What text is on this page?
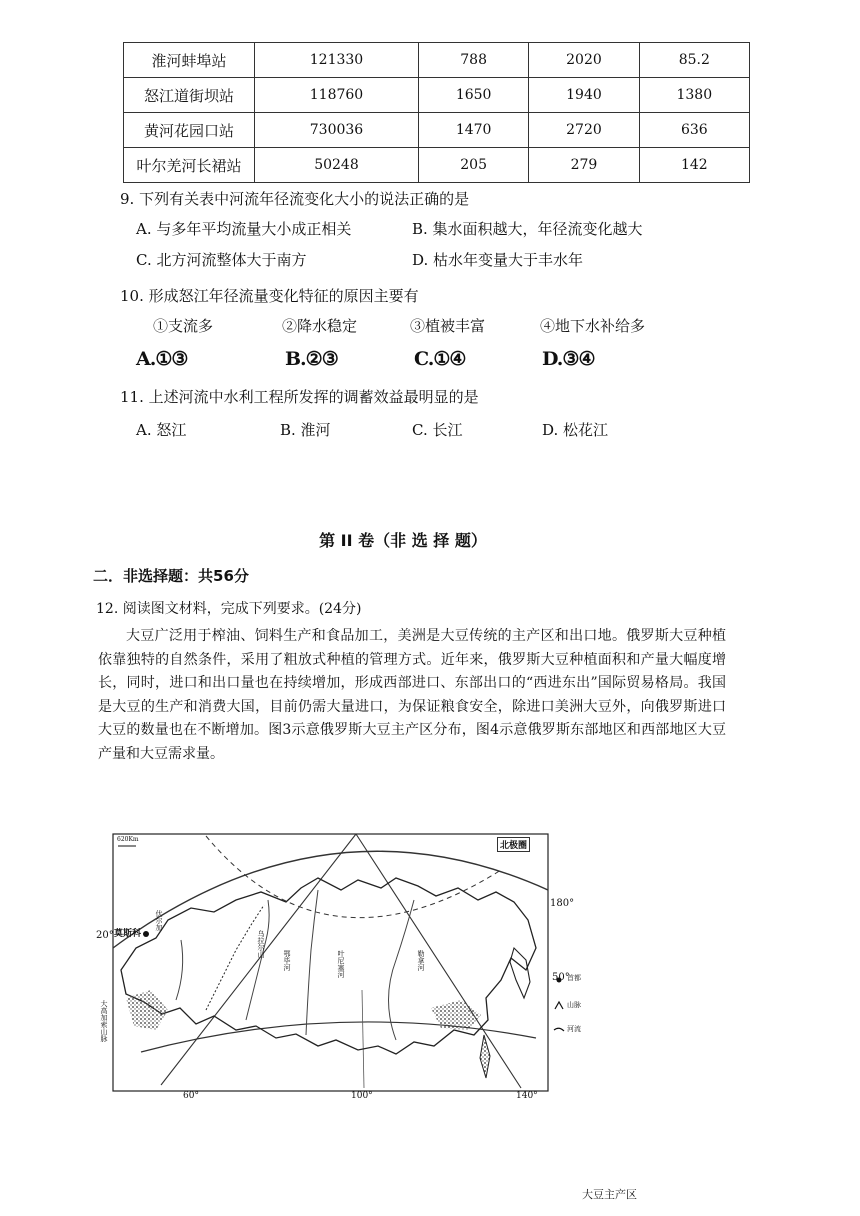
淮河蚌埠站	121330	788	2020	85.2
怒江道街坝站	118760	1650	1940	1380
黄河花园口站	730036	1470	2720	636
叶尔羌河长裙站	50248	205	279	142
9. 下列有关表中河流年径流变化大小的说法正确的是
A. 与多年平均流量大小成正相关	B. 集水面积越大，年径流变化越大
C. 北方河流整体大于南方	D. 枯水年变量大于丰水年
10. 形成怒江年径流量变化特征的原因主要有
①支流多	②降水稳定	③植被丰富	④地下水补给多
A.①③	B.②③	C.①④	D.③④
11. 上述河流中水利工程所发挥的调蓄效益最明显的是
A. 怒江	B. 淮河	C. 长江	D. 松花江
第 II 卷（非 选 择 题）
二．非选择题：共56分
12. 阅读图文材料，完成下列要求。(24分)
大豆广泛用于榨油、饲料生产和食品加工，美洲是大豆传统的主产区和出口地。俄罗斯大豆种植依靠独特的自然条件，采用了粗放式种植的管理方式。近年来，俄罗斯大豆种植面积和产量大幅度增长，同时，进口和出口量也在持续增加，形成西部进口、东部出口的“西进东出”国际贸易格局。我国是大豆的生产和消费大国，目前仍需大量进口，为保证粮食安全，除进口美洲大豆外，向俄罗斯进口大豆的数量也在不断增加。图3示意俄罗斯大豆主产区分布，图4示意俄罗斯东部地区和西部地区大豆产量和大豆需求量。
620Km
北极圈
180°
50°
20°
60°	100°	140°
莫斯科
伏尔加
大高加索山脉
乌拉尔山
鄂毕河	叶尼塞河	勒拿河
首都
山脉
河流
大豆主产区
